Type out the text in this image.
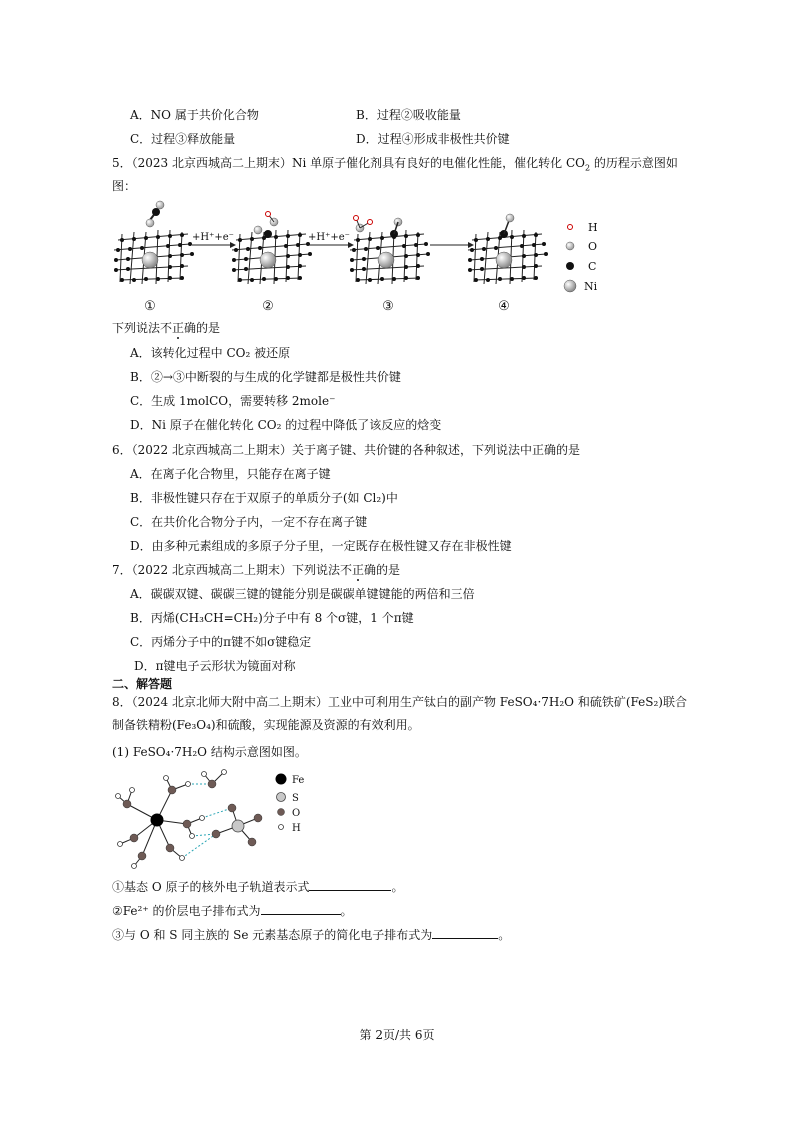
A．NO 属于共价化合物	B．过程②吸收能量
C．过程③释放能量	D．过程④形成非极性共价键
5．（2023 北京西城高二上期末）Ni 单原子催化剂具有良好的电催化性能，催化转化 $CO_2$ 的历程示意图如
图：
+H⁺+e⁻	+H⁺+e⁻
①	②	③	④
H
O
C
Ni
下列说法不正确的是
A．该转化过程中 CO₂ 被还原
B．②→③中断裂的与生成的化学键都是极性共价键
C．生成 1molCO，需要转移 2mole⁻
D．Ni 原子在催化转化 CO₂ 的过程中降低了该反应的焓变
6．（2022 北京西城高二上期末）关于离子键、共价键的各种叙述，下列说法中正确的是
A．在离子化合物里，只能存在离子键
B．非极性键只存在于双原子的单质分子(如 Cl₂)中
C．在共价化合物分子内，一定不存在离子键
D．由多种元素组成的多原子分子里，一定既存在极性键又存在非极性键
7．（2022 北京西城高二上期末）下列说法不正确的是
A．碳碳双键、碳碳三键的键能分别是碳碳单键键能的两倍和三倍
B．丙烯(CH₃CH=CH₂)分子中有 8 个σ键，1 个π键
C．丙烯分子中的π键不如σ键稳定
D．π键电子云形状为镜面对称
二、解答题
8．（2024 北京北师大附中高二上期末）工业中可利用生产钛白的副产物 FeSO₄·7H₂O 和硫铁矿(FeS₂)联合
制备铁精粉(Fe₃O₄)和硫酸，实现能源及资源的有效利用。
(1) FeSO₄·7H₂O 结构示意图如图。
Fe
S
O
H
①基态 O 原子的核外电子轨道表示式	。
②Fe²⁺ 的价层电子排布式为	。
③与 O 和 S 同主族的 Se 元素基态原子的简化电子排布式为	。
第 2页/共 6页
